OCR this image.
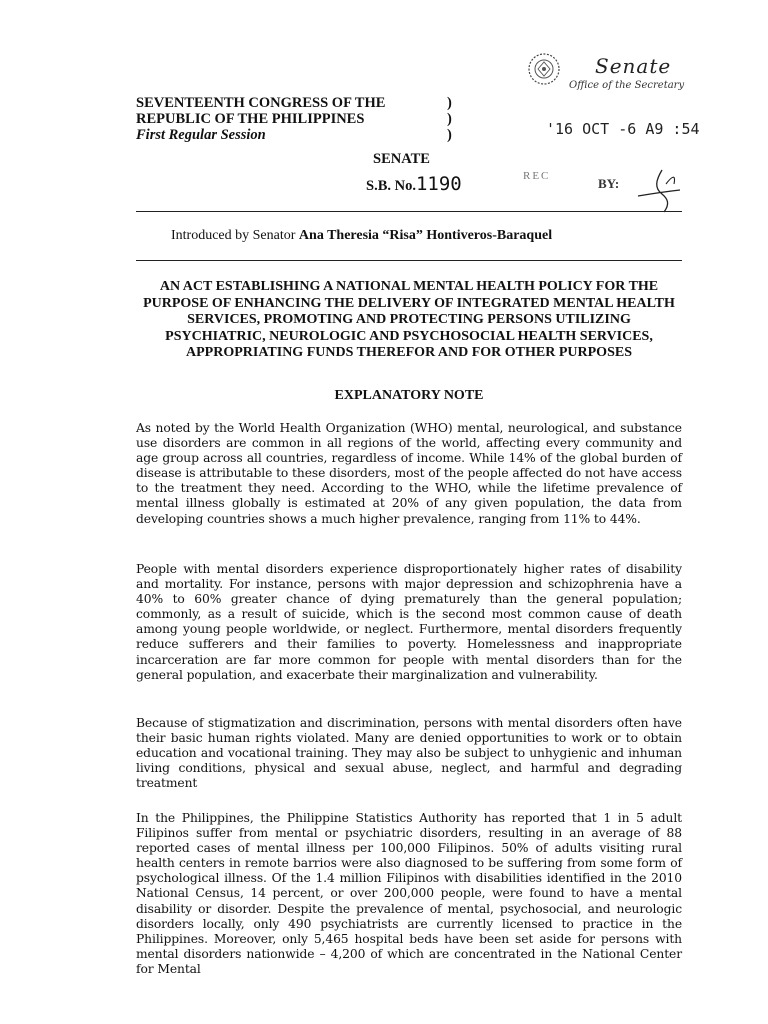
Senate
Office of the Secretary
SEVENTEENTH CONGRESS OF THE
REPUBLIC OF THE PHILIPPINES
First Regular Session
)
)
)	'16 OCT -6 A9 :54
SENATE
S.B. No.1190	REC	BY:
Introduced by Senator Ana Theresia “Risa” Hontiveros-Baraquel
AN ACT ESTABLISHING A NATIONAL MENTAL HEALTH POLICY FOR THE PURPOSE OF ENHANCING THE DELIVERY OF INTEGRATED MENTAL HEALTH SERVICES, PROMOTING AND PROTECTING PERSONS UTILIZING PSYCHIATRIC, NEUROLOGIC AND PSYCHOSOCIAL HEALTH SERVICES, APPROPRIATING FUNDS THEREFOR AND FOR OTHER PURPOSES
EXPLANATORY NOTE

As noted by the World Health Organization (WHO) mental, neurological, and substance use disorders are common in all regions of the world, affecting every community and age group across all countries, regardless of income. While 14% of the global burden of disease is attributable to these disorders, most of the people affected do not have access to the treatment they need. According to the WHO, while the lifetime prevalence of mental illness globally is estimated at 20% of any given population, the data from developing countries shows a much higher prevalence, ranging from 11% to 44%.

People with mental disorders experience disproportionately higher rates of disability and mortality. For instance, persons with major depression and schizophrenia have a 40% to 60% greater chance of dying prematurely than the general population; commonly, as a result of suicide, which is the second most common cause of death among young people worldwide, or neglect. Furthermore, mental disorders frequently reduce sufferers and their families to poverty. Homelessness and inappropriate incarceration are far more common for people with mental disorders than for the general population, and exacerbate their marginalization and vulnerability.

Because of stigmatization and discrimination, persons with mental disorders often have their basic human rights violated. Many are denied opportunities to work or to obtain education and vocational training. They may also be subject to unhygienic and inhuman living conditions, physical and sexual abuse, neglect, and harmful and degrading treatment

In the Philippines, the Philippine Statistics Authority has reported that 1 in 5 adult Filipinos suffer from mental or psychiatric disorders, resulting in an average of 88 reported cases of mental illness per 100,000 Filipinos. 50% of adults visiting rural health centers in remote barrios were also diagnosed to be suffering from some form of psychological illness. Of the 1.4 million Filipinos with disabilities identified in the 2010 National Census, 14 percent, or over 200,000 people, were found to have a mental disability or disorder. Despite the prevalence of mental, psychosocial, and neurologic disorders locally, only 490 psychiatrists are currently licensed to practice in the Philippines. Moreover, only 5,465 hospital beds have been set aside for persons with mental disorders nationwide – 4,200 of which are concentrated in the National Center for Mental
